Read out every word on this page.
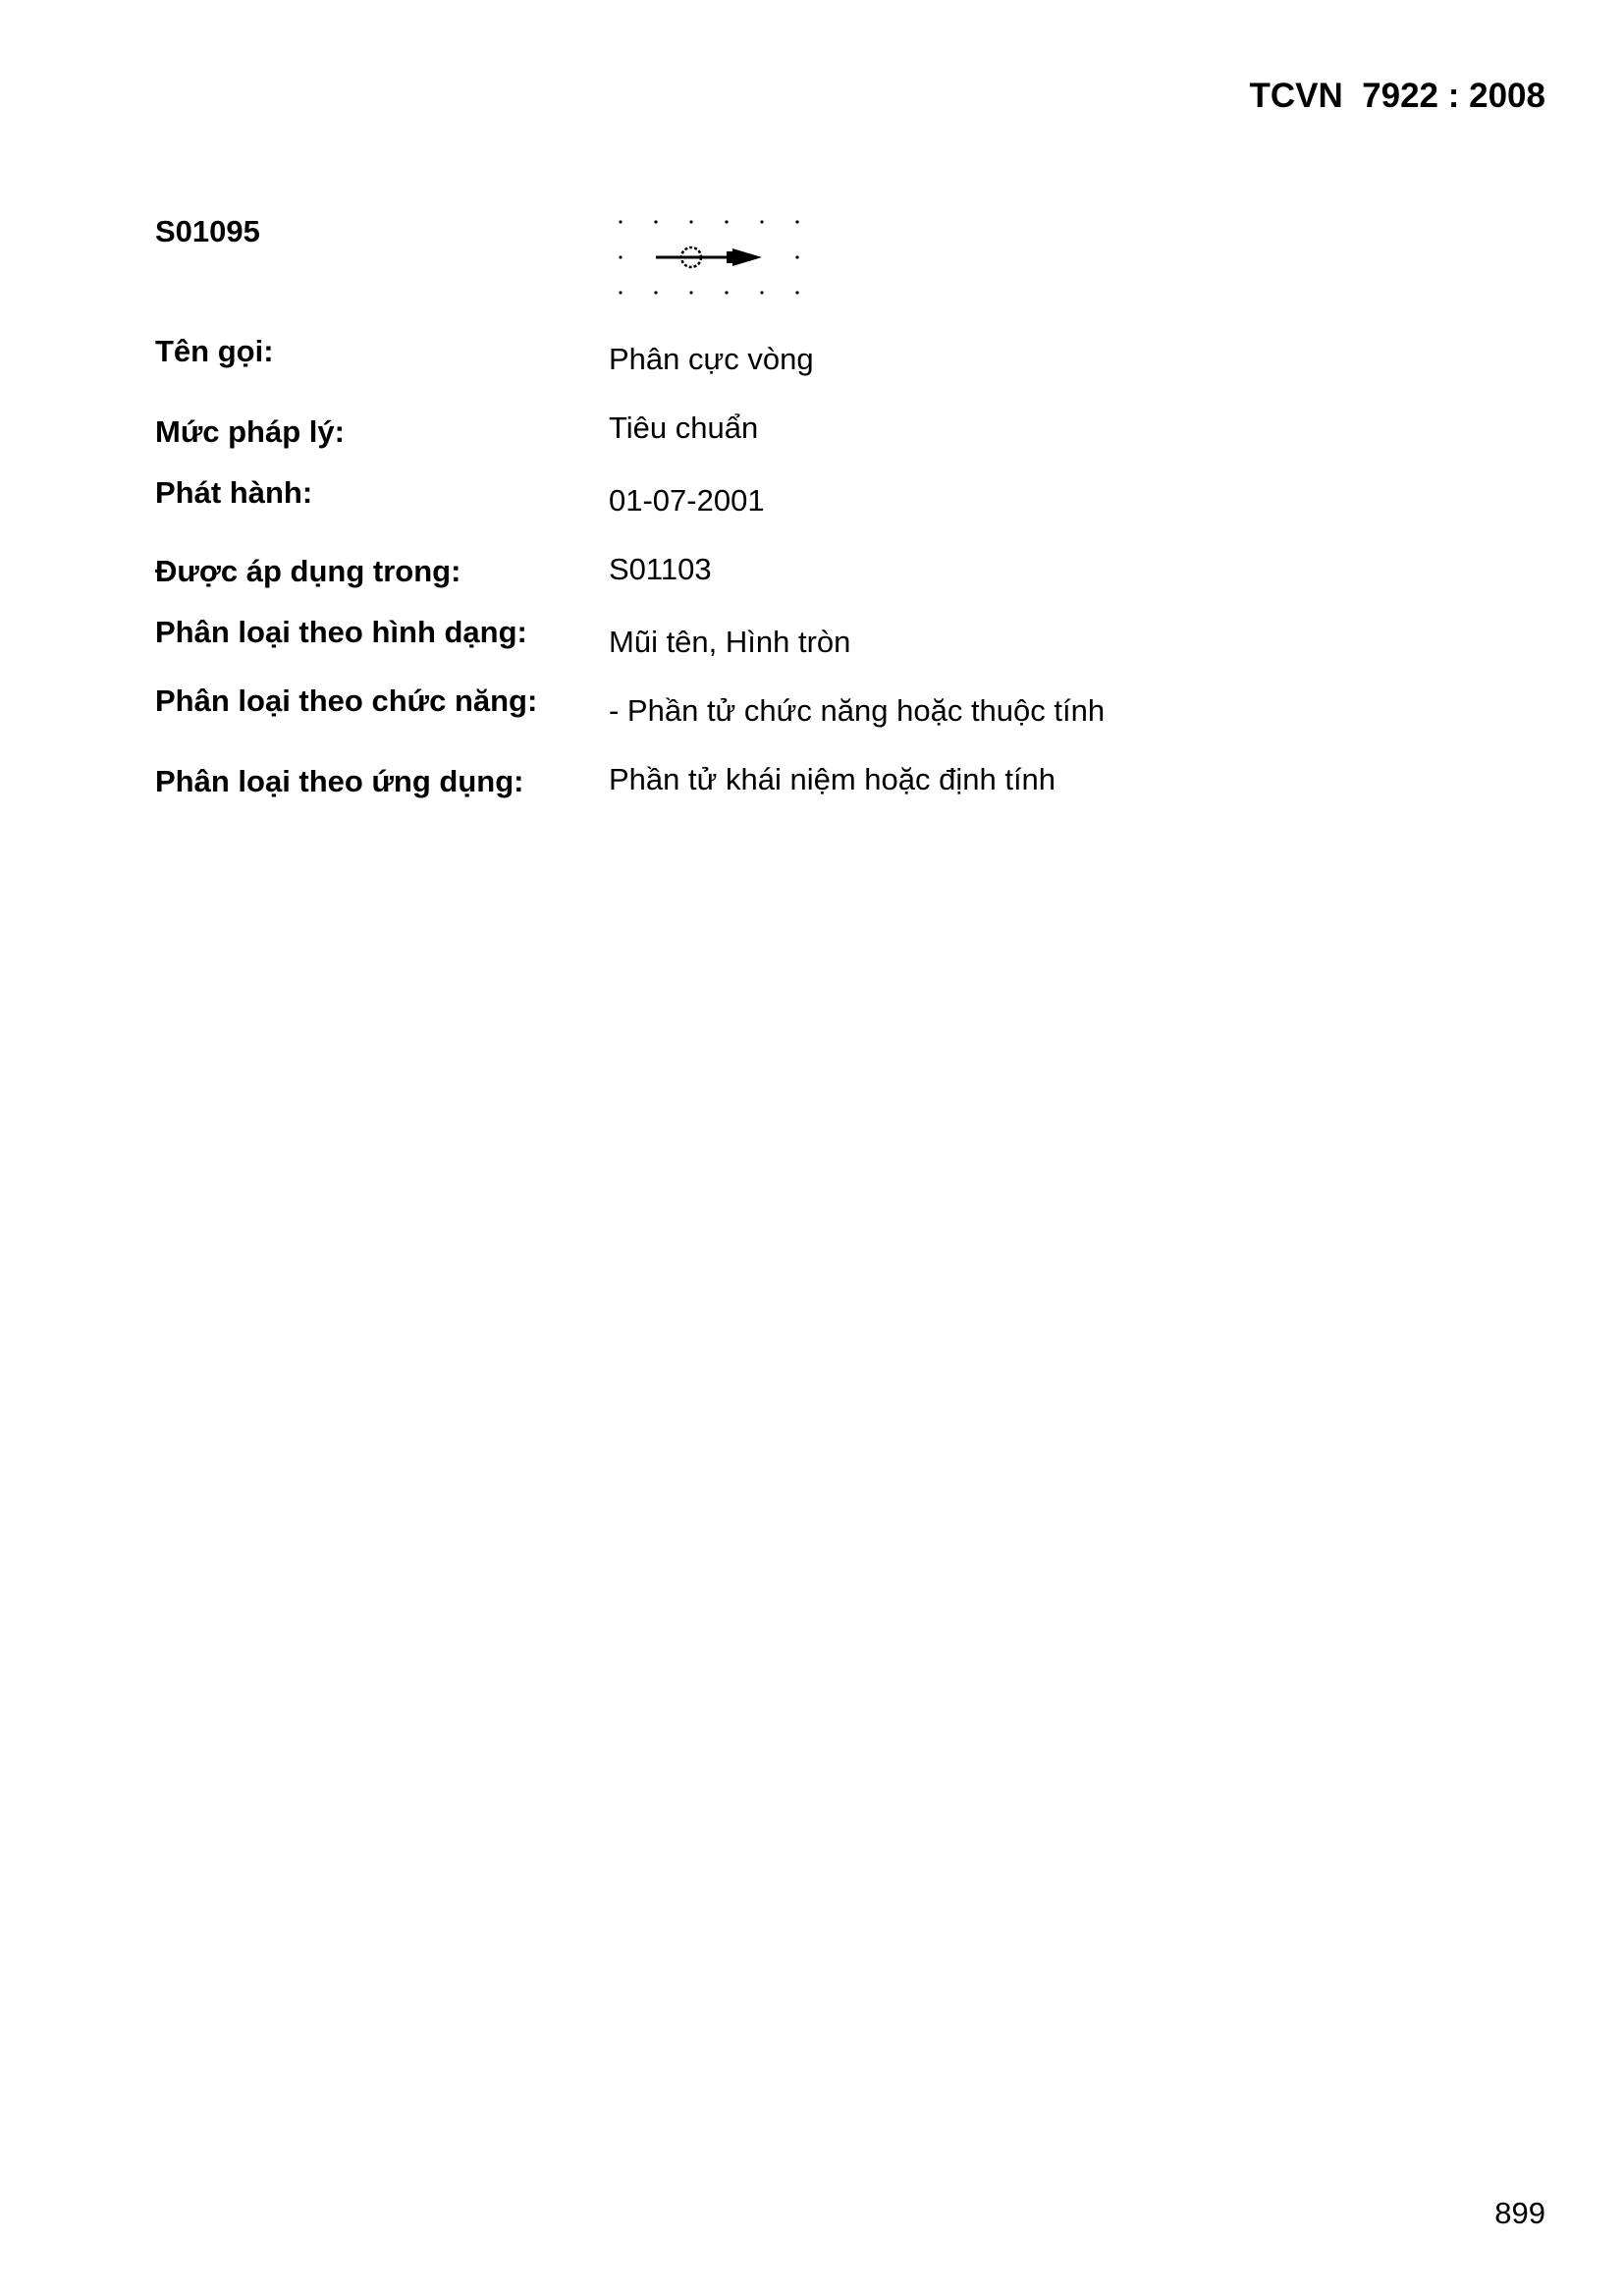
TCVN  7922 : 2008
S01095
Tên gọi:	Phân cực vòng
Mức pháp lý:	Tiêu chuẩn
Phát hành:	01-07-2001
Được áp dụng trong:	S01103
Phân loại theo hình dạng:	Mũi tên, Hình tròn
Phân loại theo chức năng: - Phần tử chức năng hoặc thuộc tính
Phân loại theo ứng dụng:	Phần tử khái niệm hoặc định tính
899
